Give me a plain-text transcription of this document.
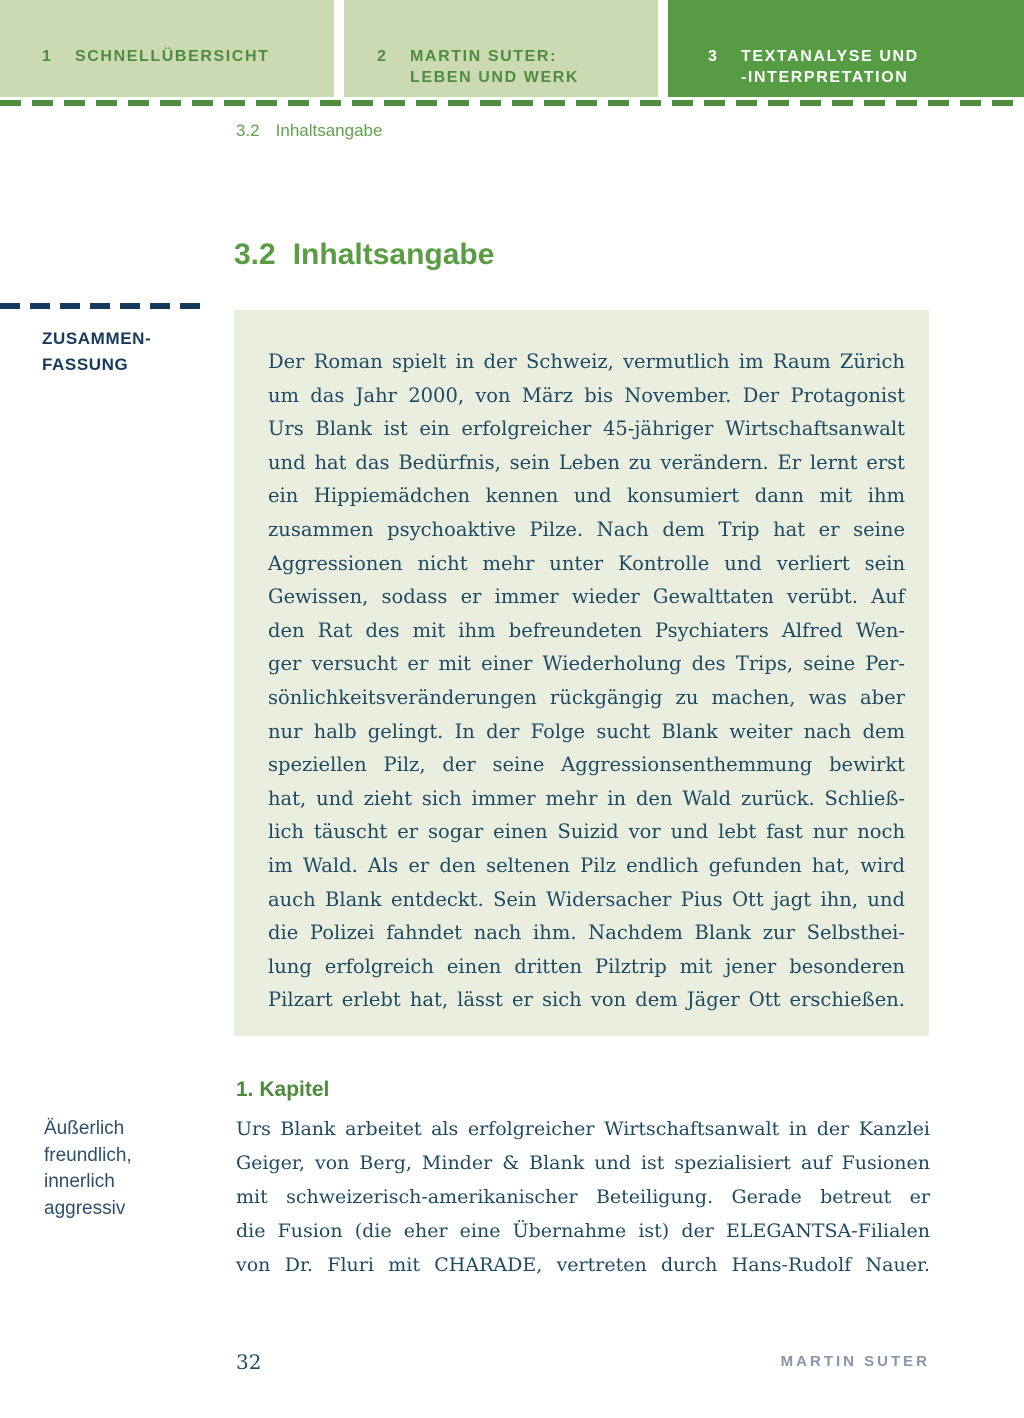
1	SCHNELLÜBERSICHT	2	MARTIN SUTER:
LEBEN UND WERK
3	TEXTANALYSE UND
-INTERPRETATION
3.2 Inhaltsangabe
3.2 Inhaltsangabe
ZUSAMMEN-
FASSUNG	Der Roman spielt in der Schweiz, vermutlich im Raum Zürich
um das Jahr 2000, von März bis November. Der Protagonist
Urs Blank ist ein erfolgreicher 45-jähriger Wirtschaftsanwalt
und hat das Bedürfnis, sein Leben zu verändern. Er lernt erst
ein Hippiemädchen kennen und konsumiert dann mit ihm
zusammen psychoaktive Pilze. Nach dem Trip hat er seine
Aggressionen nicht mehr unter Kontrolle und verliert sein
Gewissen, sodass er immer wieder Gewalttaten verübt. Auf
den Rat des mit ihm befreundeten Psychiaters Alfred Wen-
ger versucht er mit einer Wiederholung des Trips, seine Per-
sönlichkeitsveränderungen rückgängig zu machen, was aber
nur halb gelingt. In der Folge sucht Blank weiter nach dem
speziellen Pilz, der seine Aggressionsenthemmung bewirkt
hat, und zieht sich immer mehr in den Wald zurück. Schließ-
lich täuscht er sogar einen Suizid vor und lebt fast nur noch
im Wald. Als er den seltenen Pilz endlich gefunden hat, wird
auch Blank entdeckt. Sein Widersacher Pius Ott jagt ihn, und
die Polizei fahndet nach ihm. Nachdem Blank zur Selbsthei-
lung erfolgreich einen dritten Pilztrip mit jener besonderen
Pilzart erlebt hat, lässt er sich von dem Jäger Ott erschießen.
1. Kapitel
Äußerlich
freundlich,
innerlich
aggressiv
Urs Blank arbeitet als erfolgreicher Wirtschaftsanwalt in der Kanzlei
Geiger, von Berg, Minder & Blank und ist spezialisiert auf Fusionen
mit schweizerisch-amerikanischer Beteiligung. Gerade betreut er
die Fusion (die eher eine Übernahme ist) der ELEGANTSA-Filialen
von Dr. Fluri mit CHARADE, vertreten durch Hans-Rudolf Nauer.
32	MARTIN SUTER
